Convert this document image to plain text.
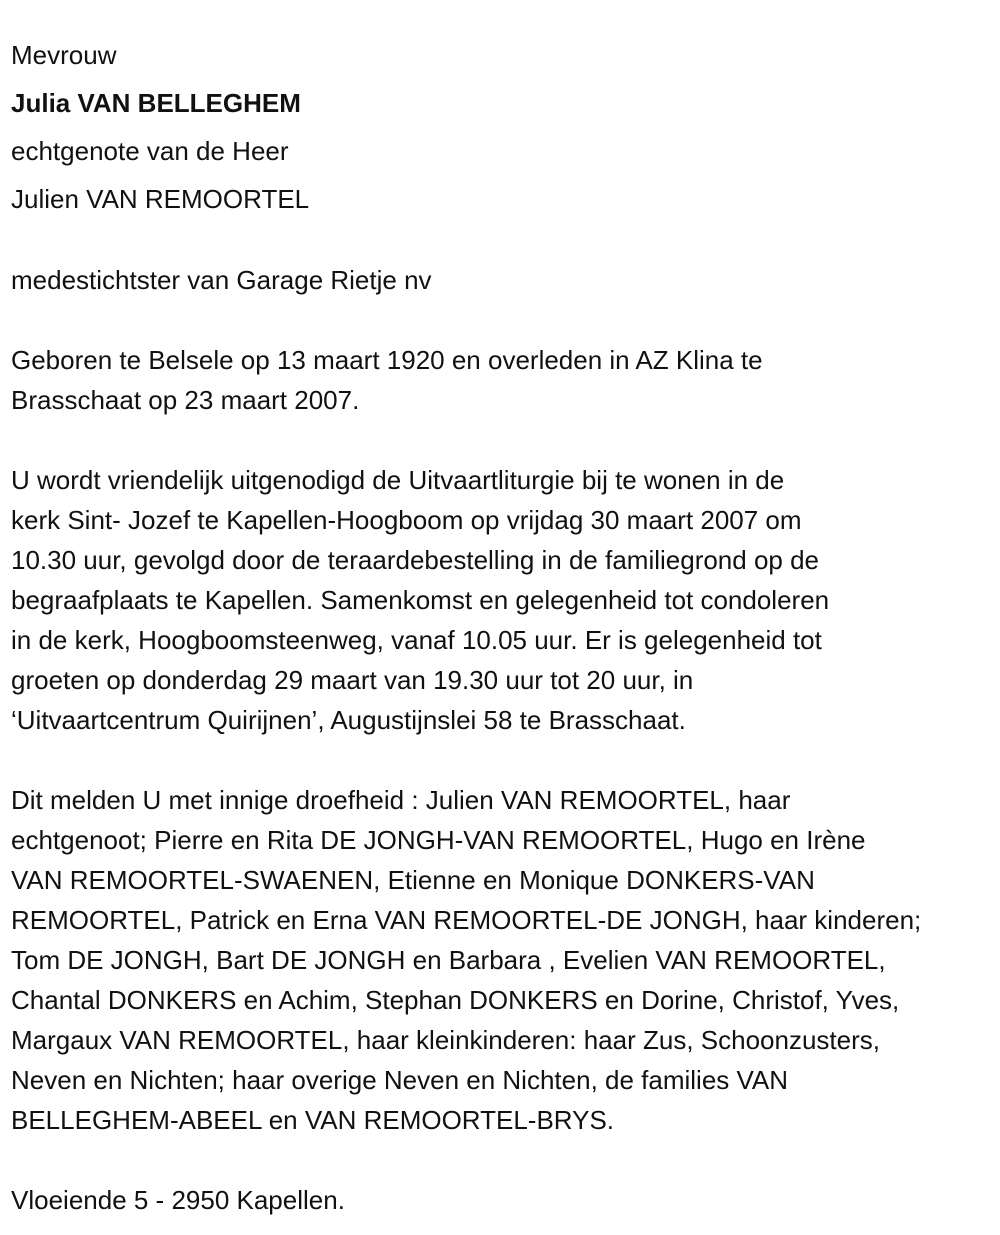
Mevrouw
Julia VAN BELLEGHEM
echtgenote van de Heer
Julien VAN REMOORTEL
medestichtster van Garage Rietje nv
Geboren te Belsele op 13 maart 1920 en overleden in AZ Klina te
Brasschaat op 23 maart 2007.
U wordt vriendelijk uitgenodigd de Uitvaartliturgie bij te wonen in de
kerk Sint- Jozef te Kapellen-Hoogboom op vrijdag 30 maart 2007 om
10.30 uur, gevolgd door de teraardebestelling in de familiegrond op de
begraafplaats te Kapellen. Samenkomst en gelegenheid tot condoleren
in de kerk, Hoogboomsteenweg, vanaf 10.05 uur. Er is gelegenheid tot
groeten op donderdag 29 maart van 19.30 uur tot 20 uur, in
‘Uitvaartcentrum Quirijnen’, Augustijnslei 58 te Brasschaat.
Dit melden U met innige droefheid : Julien VAN REMOORTEL, haar
echtgenoot; Pierre en Rita DE JONGH-VAN REMOORTEL, Hugo en Irène
VAN REMOORTEL-SWAENEN, Etienne en Monique DONKERS-VAN
REMOORTEL, Patrick en Erna VAN REMOORTEL-DE JONGH, haar kinderen;
Tom DE JONGH, Bart DE JONGH en Barbara , Evelien VAN REMOORTEL,
Chantal DONKERS en Achim, Stephan DONKERS en Dorine, Christof, Yves,
Margaux VAN REMOORTEL, haar kleinkinderen: haar Zus, Schoonzusters,
Neven en Nichten; haar overige Neven en Nichten, de families VAN
BELLEGHEM-ABEEL en VAN REMOORTEL-BRYS.
Vloeiende 5 - 2950 Kapellen.
